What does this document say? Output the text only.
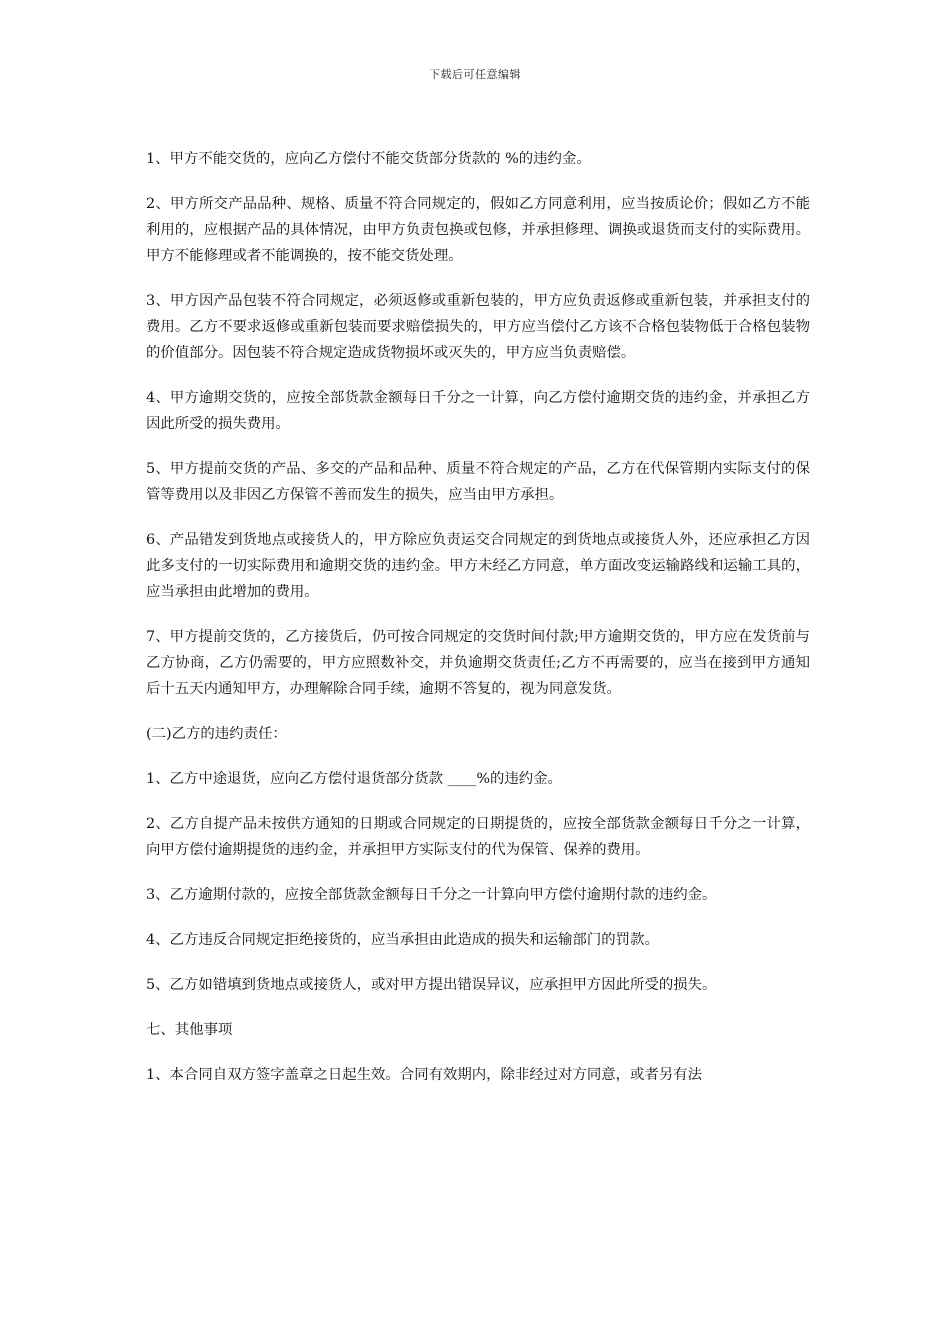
下载后可任意编辑

1、甲方不能交货的，应向乙方偿付不能交货部分货款的 %的违约金。

2、甲方所交产品品种、规格、质量不符合同规定的，假如乙方同意利用，应当按质论价；假如乙方不能利用的，应根据产品的具体情况，由甲方负责包换或包修，并承担修理、调换或退货而支付的实际费用。甲方不能修理或者不能调换的，按不能交货处理。

3、甲方因产品包装不符合同规定，必须返修或重新包装的，甲方应负责返修或重新包装，并承担支付的费用。乙方不要求返修或重新包装而要求赔偿损失的，甲方应当偿付乙方该不合格包装物低于合格包装物的价值部分。因包装不符合规定造成货物损坏或灭失的，甲方应当负责赔偿。

4、甲方逾期交货的，应按全部货款金额每日千分之一计算，向乙方偿付逾期交货的违约金，并承担乙方因此所受的损失费用。

5、甲方提前交货的产品、多交的产品和品种、质量不符合规定的产品，乙方在代保管期内实际支付的保管等费用以及非因乙方保管不善而发生的损失，应当由甲方承担。

6、产品错发到货地点或接货人的，甲方除应负责运交合同规定的到货地点或接货人外，还应承担乙方因此多支付的一切实际费用和逾期交货的违约金。甲方未经乙方同意，单方面改变运输路线和运输工具的，应当承担由此增加的费用。

7、甲方提前交货的，乙方接货后，仍可按合同规定的交货时间付款;甲方逾期交货的，甲方应在发货前与乙方协商，乙方仍需要的，甲方应照数补交，并负逾期交货责任;乙方不再需要的，应当在接到甲方通知后十五天内通知甲方，办理解除合同手续，逾期不答复的，视为同意发货。

(二)乙方的违约责任：

1、乙方中途退货，应向乙方偿付退货部分货款 ____%的违约金。

2、乙方自提产品未按供方通知的日期或合同规定的日期提货的，应按全部货款金额每日千分之一计算，向甲方偿付逾期提货的违约金，并承担甲方实际支付的代为保管、保养的费用。

3、乙方逾期付款的，应按全部货款金额每日千分之一计算向甲方偿付逾期付款的违约金。

4、乙方违反合同规定拒绝接货的，应当承担由此造成的损失和运输部门的罚款。

5、乙方如错填到货地点或接货人，或对甲方提出错误异议，应承担甲方因此所受的损失。

七、其他事项

1、本合同自双方签字盖章之日起生效。合同有效期内，除非经过对方同意，或者另有法
